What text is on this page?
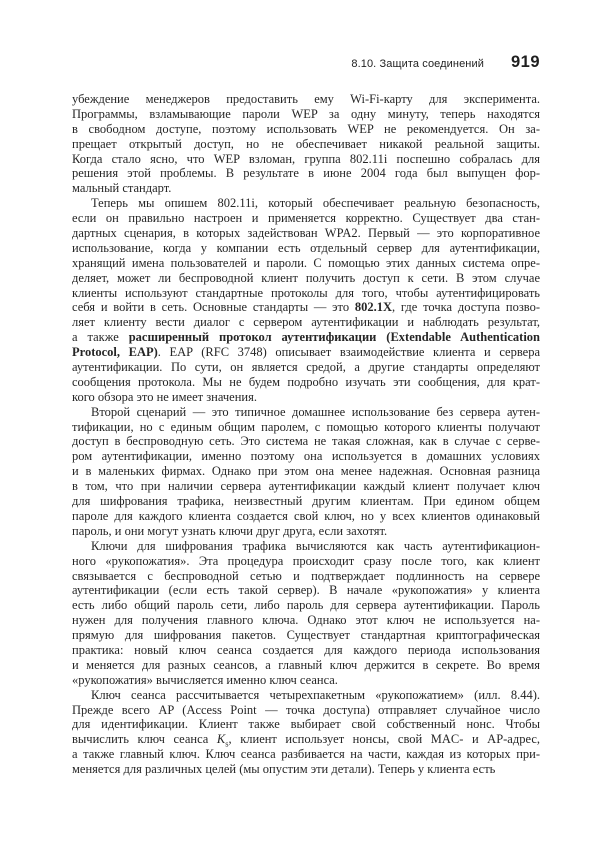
8.10. Защита соединений 919
убеждение менеджеров предоставить ему Wi-Fi-карту для эксперимента.
Программы, взламывающие пароли WEP за одну минуту, теперь находятся
в свободном доступе, поэтому использовать WEP не рекомендуется. Он за-
прещает открытый доступ, но не обеспечивает никакой реальной защиты.
Когда стало ясно, что WEP взломан, группа 802.11i поспешно собралась для
решения этой проблемы. В результате в июне 2004 года был выпущен фор-
мальный стандарт.
Теперь мы опишем 802.11i, который обеспечивает реальную безопасность,
если он правильно настроен и применяется корректно. Существует два стан-
дартных сценария, в которых задействован WPA2. Первый — это корпоративное
использование, когда у компании есть отдельный сервер для аутентификации,
хранящий имена пользователей и пароли. С помощью этих данных система опре-
деляет, может ли беспроводной клиент получить доступ к сети. В этом случае
клиенты используют стандартные протоколы для того, чтобы аутентифицировать
себя и войти в сеть. Основные стандарты — это 802.1X, где точка доступа позво-
ляет клиенту вести диалог с сервером аутентификации и наблюдать результат,
а также расширенный протокол аутентификации (Extendable Authentication
Protocol, EAP). EAP (RFC 3748) описывает взаимодействие клиента и сервера
аутентификации. По сути, он является средой, а другие стандарты определяют
сообщения протокола. Мы не будем подробно изучать эти сообщения, для крат-
кого обзора это не имеет значения.
Второй сценарий — это типичное домашнее использование без сервера аутен-
тификации, но с единым общим паролем, с помощью которого клиенты получают
доступ в беспроводную сеть. Это система не такая сложная, как в случае с серве-
ром аутентификации, именно поэтому она используется в домашних условиях
и в маленьких фирмах. Однако при этом она менее надежная. Основная разница
в том, что при наличии сервера аутентификации каждый клиент получает ключ
для шифрования трафика, неизвестный другим клиентам. При едином общем
пароле для каждого клиента создается свой ключ, но у всех клиентов одинаковый
пароль, и они могут узнать ключи друг друга, если захотят.
Ключи для шифрования трафика вычисляются как часть аутентификацион-
ного «рукопожатия». Эта процедура происходит сразу после того, как клиент
связывается с беспроводной сетью и подтверждает подлинность на сервере
аутентификации (если есть такой сервер). В начале «рукопожатия» у клиента
есть либо общий пароль сети, либо пароль для сервера аутентификации. Пароль
нужен для получения главного ключа. Однако этот ключ не используется на-
прямую для шифрования пакетов. Существует стандартная криптографическая
практика: новый ключ сеанса создается для каждого периода использования
и меняется для разных сеансов, а главный ключ держится в секрете. Во время
«рукопожатия» вычисляется именно ключ сеанса.
Ключ сеанса рассчитывается четырехпакетным «рукопожатием» (илл. 8.44).
Прежде всего AP (Access Point — точка доступа) отправляет случайное число
для идентификации. Клиент также выбирает свой собственный нонс. Чтобы
вычислить ключ сеанса $K_s$, клиент использует нонсы, свой MAC- и AP-адрес,
а также главный ключ. Ключ сеанса разбивается на части, каждая из которых при-
меняется для различных целей (мы опустим эти детали). Теперь у клиента есть
